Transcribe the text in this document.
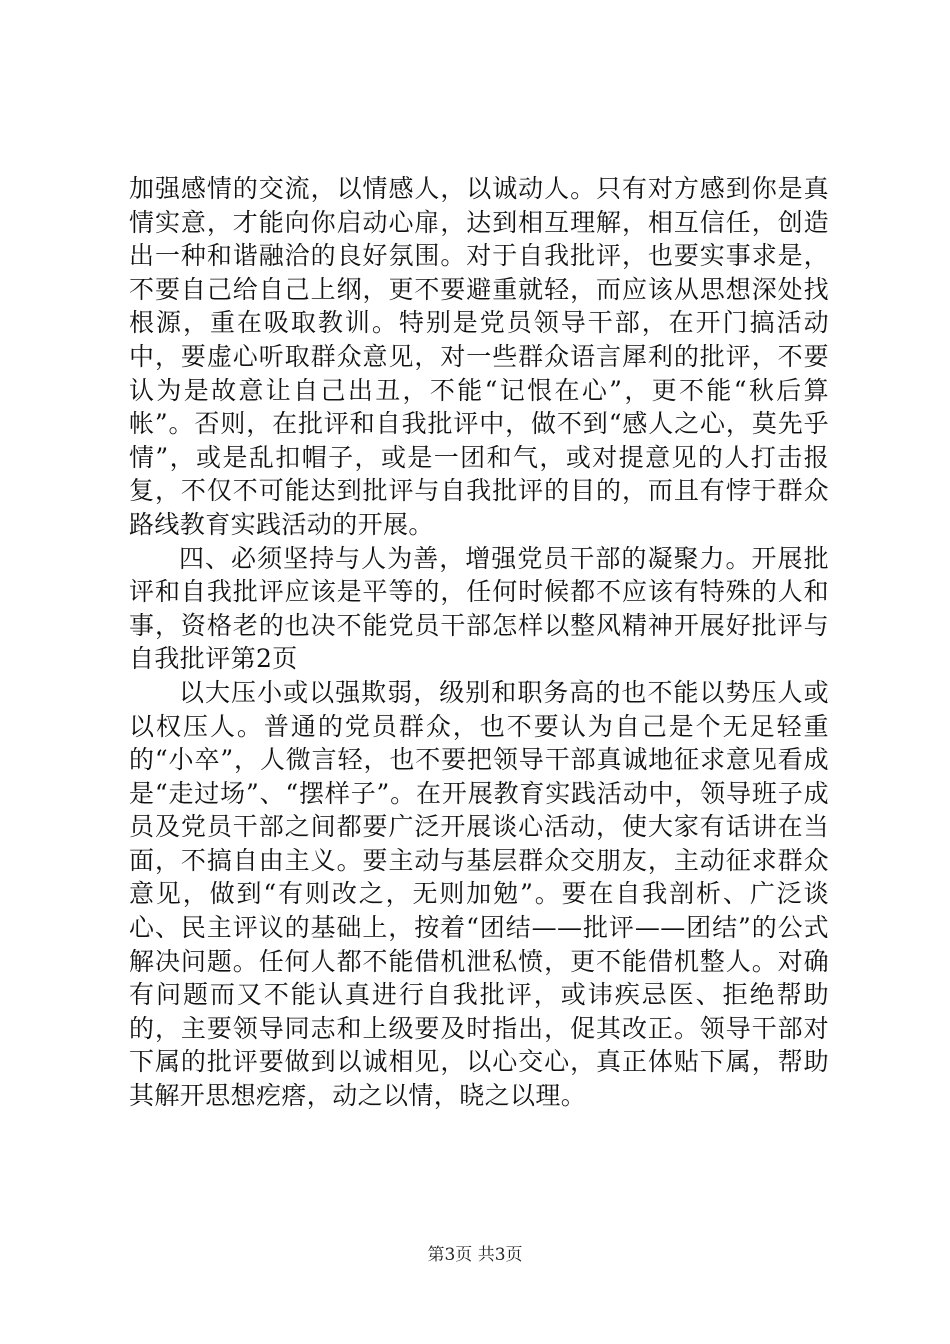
加强感情的交流，以情感人，以诚动人。只有对方感到你是真情实意，才能向你启动心扉，达到相互理解，相互信任，创造出一种和谐融洽的良好氛围。对于自我批评，也要实事求是，不要自己给自己上纲，更不要避重就轻，而应该从思想深处找根源，重在吸取教训。特别是党员领导干部，在开门搞活动中，要虚心听取群众意见，对一些群众语言犀利的批评，不要认为是故意让自己出丑，不能“记恨在心”，更不能“秋后算帐”。否则，在批评和自我批评中，做不到“感人之心，莫先乎情”，或是乱扣帽子，或是一团和气，或对提意见的人打击报复，不仅不可能达到批评与自我批评的目的，而且有悖于群众路线教育实践活动的开展。

四、必须坚持与人为善，增强党员干部的凝聚力。开展批评和自我批评应该是平等的，任何时候都不应该有特殊的人和事，资格老的也决不能党员干部怎样以整风精神开展好批评与自我批评第2页

以大压小或以强欺弱，级别和职务高的也不能以势压人或以权压人。普通的党员群众，也不要认为自己是个无足轻重的“小卒”，人微言轻，也不要把领导干部真诚地征求意见看成是“走过场”、“摆样子”。在开展教育实践活动中，领导班子成员及党员干部之间都要广泛开展谈心活动，使大家有话讲在当面，不搞自由主义。要主动与基层群众交朋友，主动征求群众意见，做到“有则改之，无则加勉”。要在自我剖析、广泛谈心、民主评议的基础上，按着“团结——批评——团结”的公式解决问题。任何人都不能借机泄私愤，更不能借机整人。对确有问题而又不能认真进行自我批评，或讳疾忌医、拒绝帮助的，主要领导同志和上级要及时指出，促其改正。领导干部对下属的批评要做到以诚相见，以心交心，真正体贴下属，帮助其解开思想疙瘩，动之以情，晓之以理。

第3页 共3页
